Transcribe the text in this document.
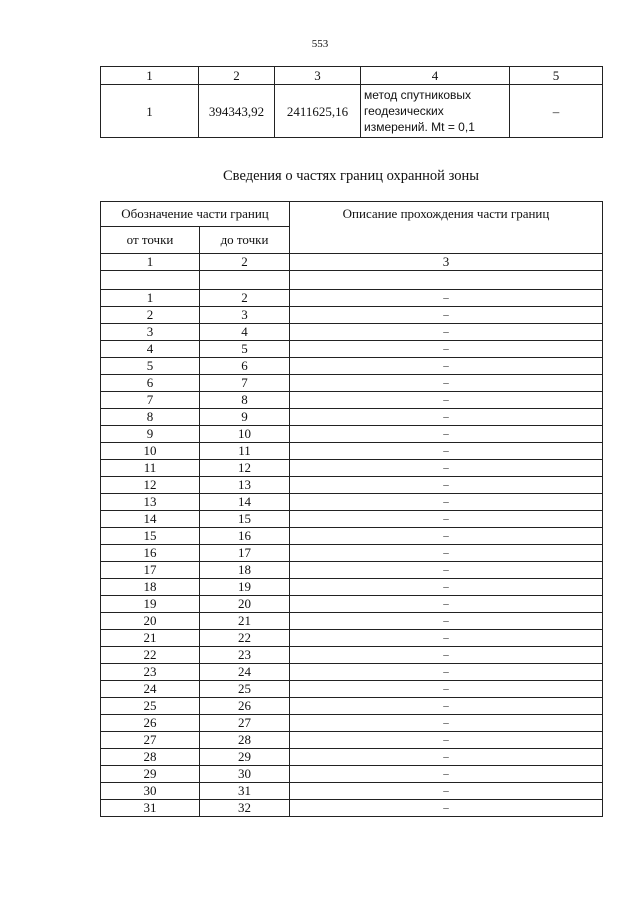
553
1	2	3	4	5
1	394343,92	2411625,16	метод спутниковых
геодезических
измерений. Mt = 0,1	–
Сведения о частях границ охранной зоны
Обозначение части границ		Описание прохождения части границ
от точки	до точки	
1	2	3

1	2	–
2	3	–
3	4	–
4	5	–
5	6	–
6	7	–
7	8	–
8	9	–
9	10	–
10	11	–
11	12	–
12	13	–
13	14	–
14	15	–
15	16	–
16	17	–
17	18	–
18	19	–
19	20	–
20	21	–
21	22	–
22	23	–
23	24	–
24	25	–
25	26	–
26	27	–
27	28	–
28	29	–
29	30	–
30	31	–
31	32	–
